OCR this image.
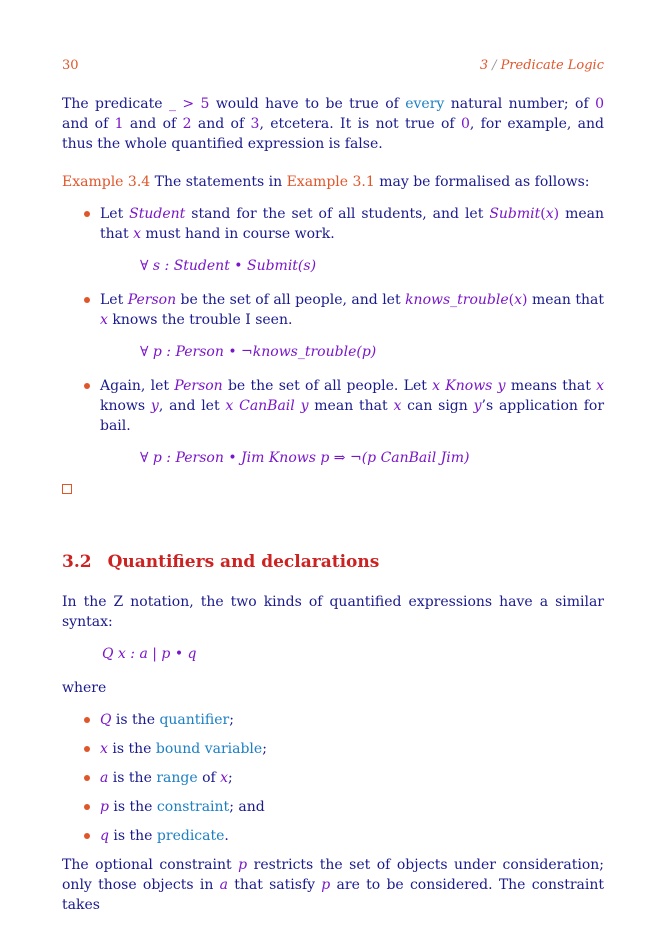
30	3 / Predicate Logic

The predicate _ > 5 would have to be true of every natural number; of 0 and of 1 and of 2 and of 3, etcetera. It is not true of 0, for example, and thus the whole quantified expression is false.

Example 3.4 The statements in Example 3.1 may be formalised as follows:

Let Student stand for the set of all students, and let Submit(x) mean that x must hand in course work.

∀ s : Student • Submit(s)

Let Person be the set of all people, and let knows_trouble(x) mean that x knows the trouble I seen.

∀ p : Person • ¬knows_trouble(p)

Again, let Person be the set of all people. Let x Knows y means that x knows y, and let x CanBail y mean that x can sign y’s application for bail.

∀ p : Person • Jim Knows p ⇒ ¬(p CanBail Jim)
3.2 Quantifiers and declarations

In the Z notation, the two kinds of quantified expressions have a similar syntax:

Q x : a | p • q

where

Q is the quantifier;
x is the bound variable;
a is the range of x;
p is the constraint; and
q is the predicate.

The optional constraint p restricts the set of objects under consideration; only those objects in a that satisfy p are to be considered. The constraint takes
